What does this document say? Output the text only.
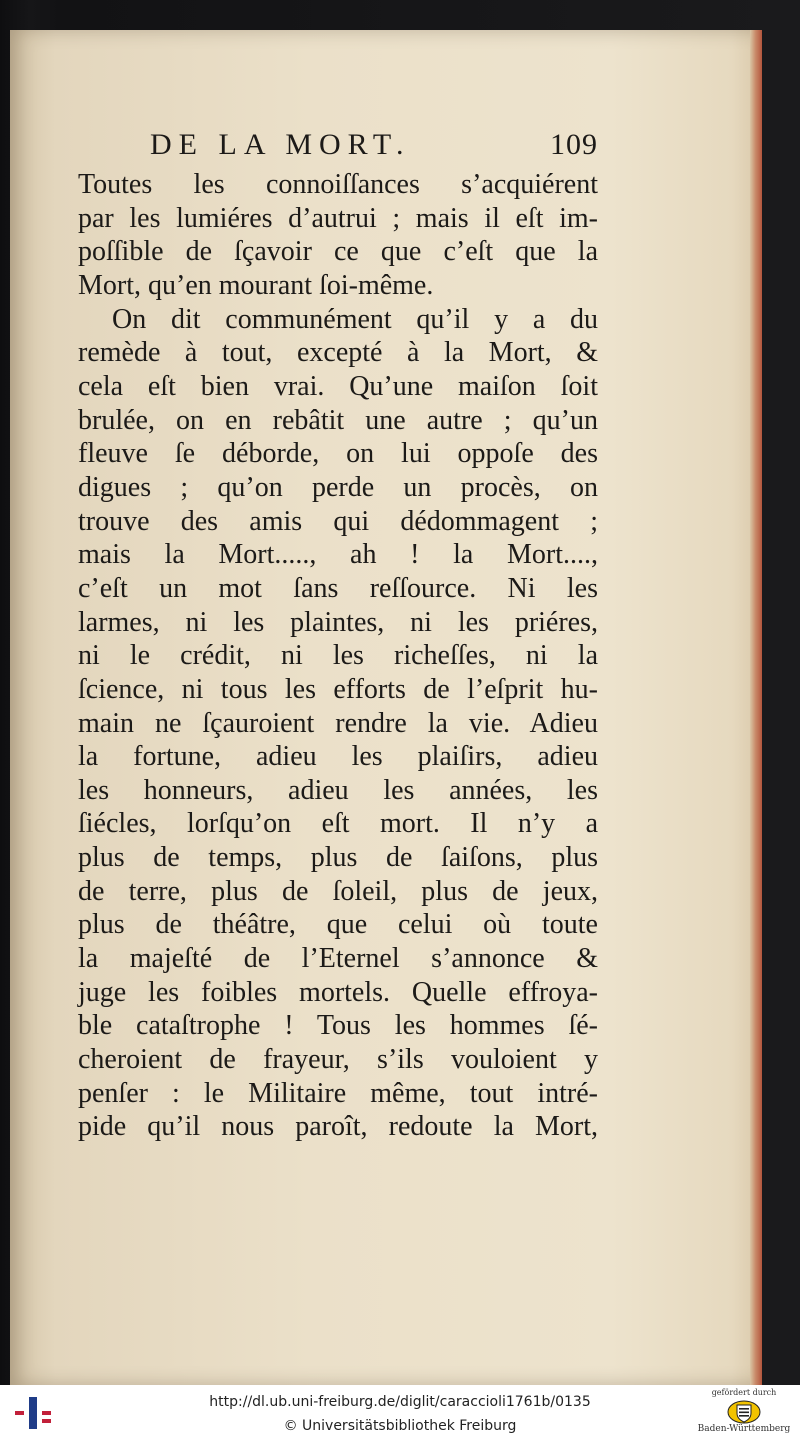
DE LA MORT.	109
Toutes les connoiſſances s’acquiérent
par les lumiéres d’autrui ; mais il eſt im-
poſſible de ſçavoir ce que c’eſt que la
Mort, qu’en mourant ſoi-même.
On dit communément qu’il y a du
remède à tout, excepté à la Mort, &
cela eſt bien vrai. Qu’une maiſon ſoit
brulée, on en rebâtit une autre ; qu’un
fleuve ſe déborde, on lui oppoſe des
digues ; qu’on perde un procès, on
trouve des amis qui dédommagent ;
mais la Mort....., ah ! la Mort....,
c’eſt un mot ſans reſſource. Ni les
larmes, ni les plaintes, ni les priéres,
ni le crédit, ni les richeſſes, ni la
ſcience, ni tous les efforts de l’eſprit hu-
main ne ſçauroient rendre la vie. Adieu
la fortune, adieu les plaiſirs, adieu
les honneurs, adieu les années, les
ſiécles, lorſqu’on eſt mort. Il n’y a
plus de temps, plus de ſaiſons, plus
de terre, plus de ſoleil, plus de jeux,
plus de théâtre, que celui où toute
la majeſté de l’Eternel s’annonce &
juge les foibles mortels. Quelle effroya-
ble cataſtrophe ! Tous les hommes ſé-
cheroient de frayeur, s’ils vouloient y
penſer : le Militaire même, tout intré-
pide qu’il nous paroît, redoute la Mort,
http://dl.ub.uni-freiburg.de/diglit/caraccioli1761b/0135
© Universitätsbibliothek Freiburg
gefördert durch
Baden-Württemberg
